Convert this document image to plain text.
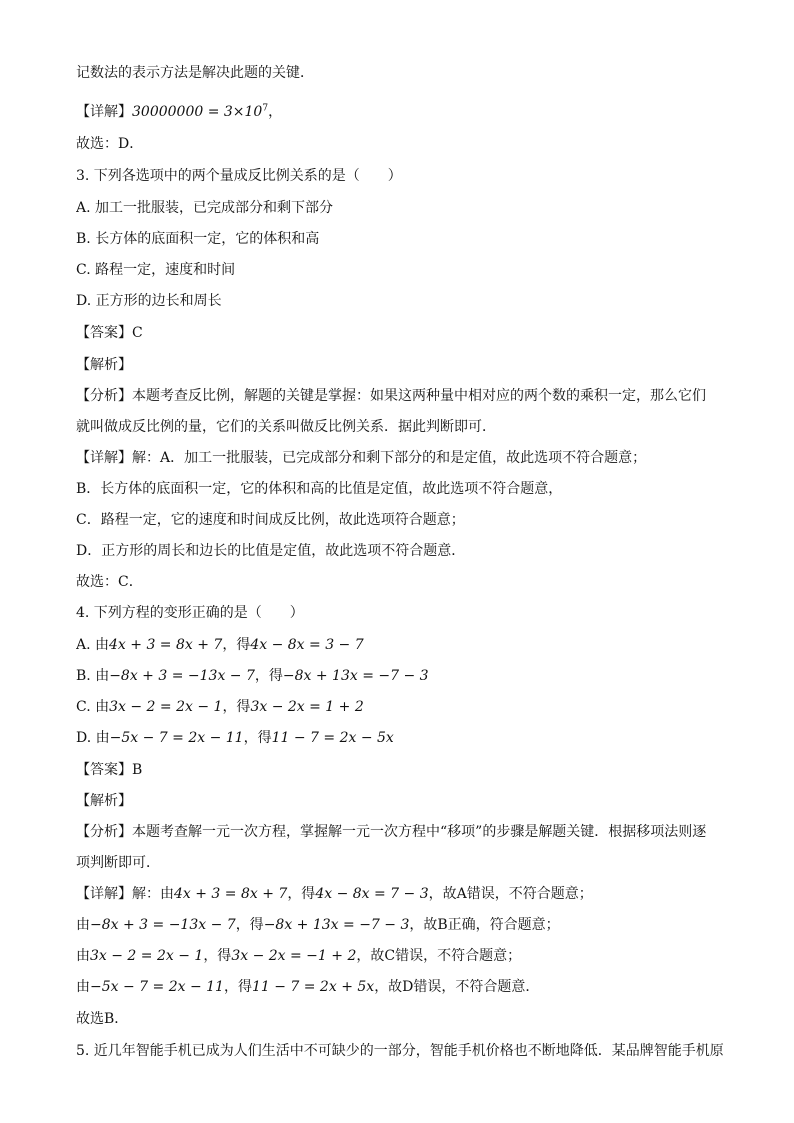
记数法的表示方法是解决此题的关键．
【详解】$30000000 = 3\times 10^7$，
故选：D．
3. 下列各选项中的两个量成反比例关系的是（　　）
A. 加工一批服装，已完成部分和剩下部分
B. 长方体的底面积一定，它的体积和高
C. 路程一定，速度和时间
D. 正方形的边长和周长
【答案】C
【解析】
【分析】本题考查反比例，解题的关键是掌握：如果这两种量中相对应的两个数的乘积一定，那么它们
就叫做成反比例的量，它们的关系叫做反比例关系．据此判断即可．
【详解】解：A．加工一批服装，已完成部分和剩下部分的和是定值，故此选项不符合题意；
B．长方体的底面积一定，它的体积和高的比值是定值，故此选项不符合题意，
C．路程一定，它的速度和时间成反比例，故此选项符合题意；
D．正方形的周长和边长的比值是定值，故此选项不符合题意．
故选：C．
4. 下列方程的变形正确的是（　　）
A. 由4x + 3 = 8x + 7，得4x − 8x = 3 − 7
B. 由−8x + 3 = −13x − 7，得−8x + 13x = −7 − 3
C. 由3x − 2 = 2x − 1，得3x − 2x = 1 + 2
D. 由−5x − 7 = 2x − 11，得11 − 7 = 2x − 5x
【答案】B
【解析】
【分析】本题考查解一元一次方程，掌握解一元一次方程中“移项”的步骤是解题关键．根据移项法则逐
项判断即可．
【详解】解：由4x + 3 = 8x + 7，得4x − 8x = 7 − 3，故A错误，不符合题意；
由−8x + 3 = −13x − 7，得−8x + 13x = −7 − 3，故B正确，符合题意；
由3x − 2 = 2x − 1，得3x − 2x = −1 + 2，故C错误，不符合题意；
由−5x − 7 = 2x − 11，得11 − 7 = 2x + 5x，故D错误，不符合题意．
故选B．
5. 近几年智能手机已成为人们生活中不可缺少的一部分，智能手机价格也不断地降低．某品牌智能手机原
